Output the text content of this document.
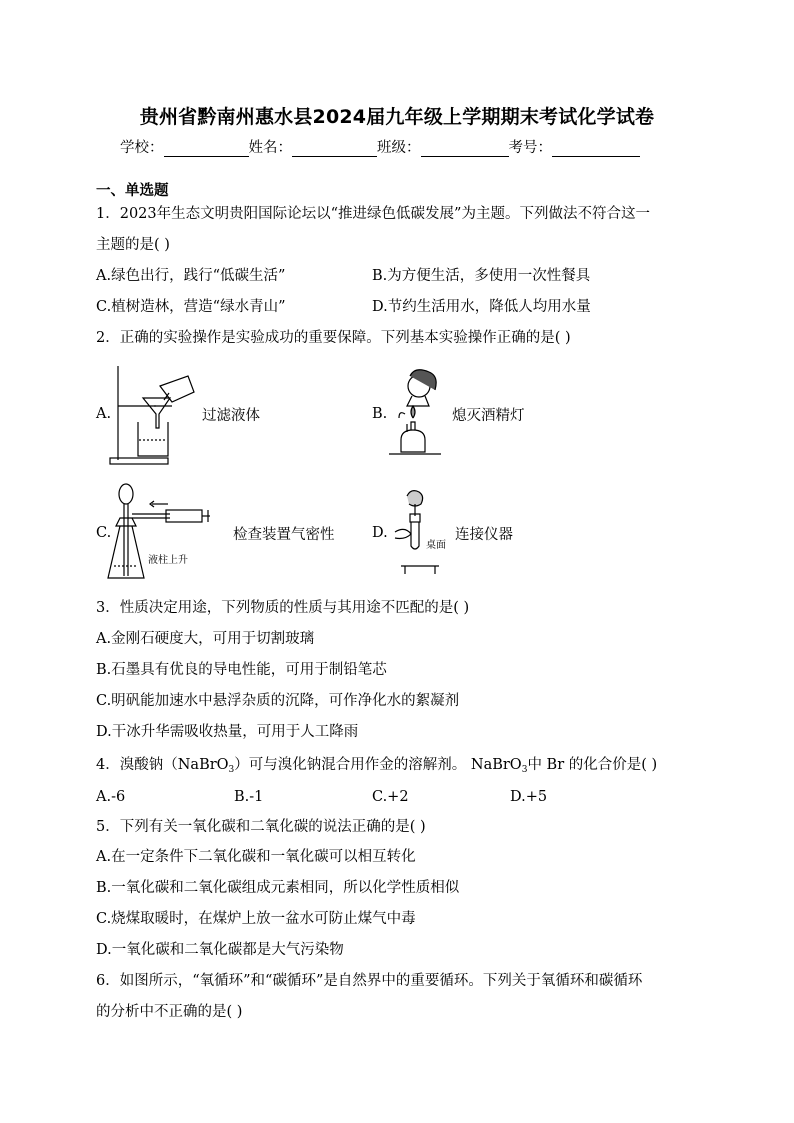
贵州省黔南州惠水县2024届九年级上学期期末考试化学试卷
学校：	姓名：	班级：	考号：
一、单选题
1．2023年生态文明贵阳国际论坛以“推进绿色低碳发展”为主题。下列做法不符合这一
主题的是( )
A.绿色出行，践行“低碳生活”	B.为方便生活，多使用一次性餐具
C.植树造林，营造“绿水青山”	D.节约生活用水，降低人均用水量
2．正确的实验操作是实验成功的重要保障。下列基本实验操作正确的是( )
A.	过滤液体	B.	熄灭酒精灯
C.
液柱上升
检查装置气密性	D.
桌面
连接仪器
3．性质决定用途，下列物质的性质与其用途不匹配的是( )
A.金刚石硬度大，可用于切割玻璃
B.石墨具有优良的导电性能，可用于制铅笔芯
C.明矾能加速水中悬浮杂质的沉降，可作净化水的絮凝剂
D.干冰升华需吸收热量，可用于人工降雨
4．溴酸钠（NaBrO$_3$）可与溴化钠混合用作金的溶解剂。 NaBrO$_3$中 Br 的化合价是( )
A.-6	B.-1	C.+2	D.+5
5．下列有关一氧化碳和二氧化碳的说法正确的是( )
A.在一定条件下二氧化碳和一氧化碳可以相互转化
B.一氧化碳和二氧化碳组成元素相同，所以化学性质相似
C.烧煤取暖时，在煤炉上放一盆水可防止煤气中毒
D.一氧化碳和二氧化碳都是大气污染物
6．如图所示，“氧循环”和“碳循环”是自然界中的重要循环。下列关于氧循环和碳循环
的分析中不正确的是( )
